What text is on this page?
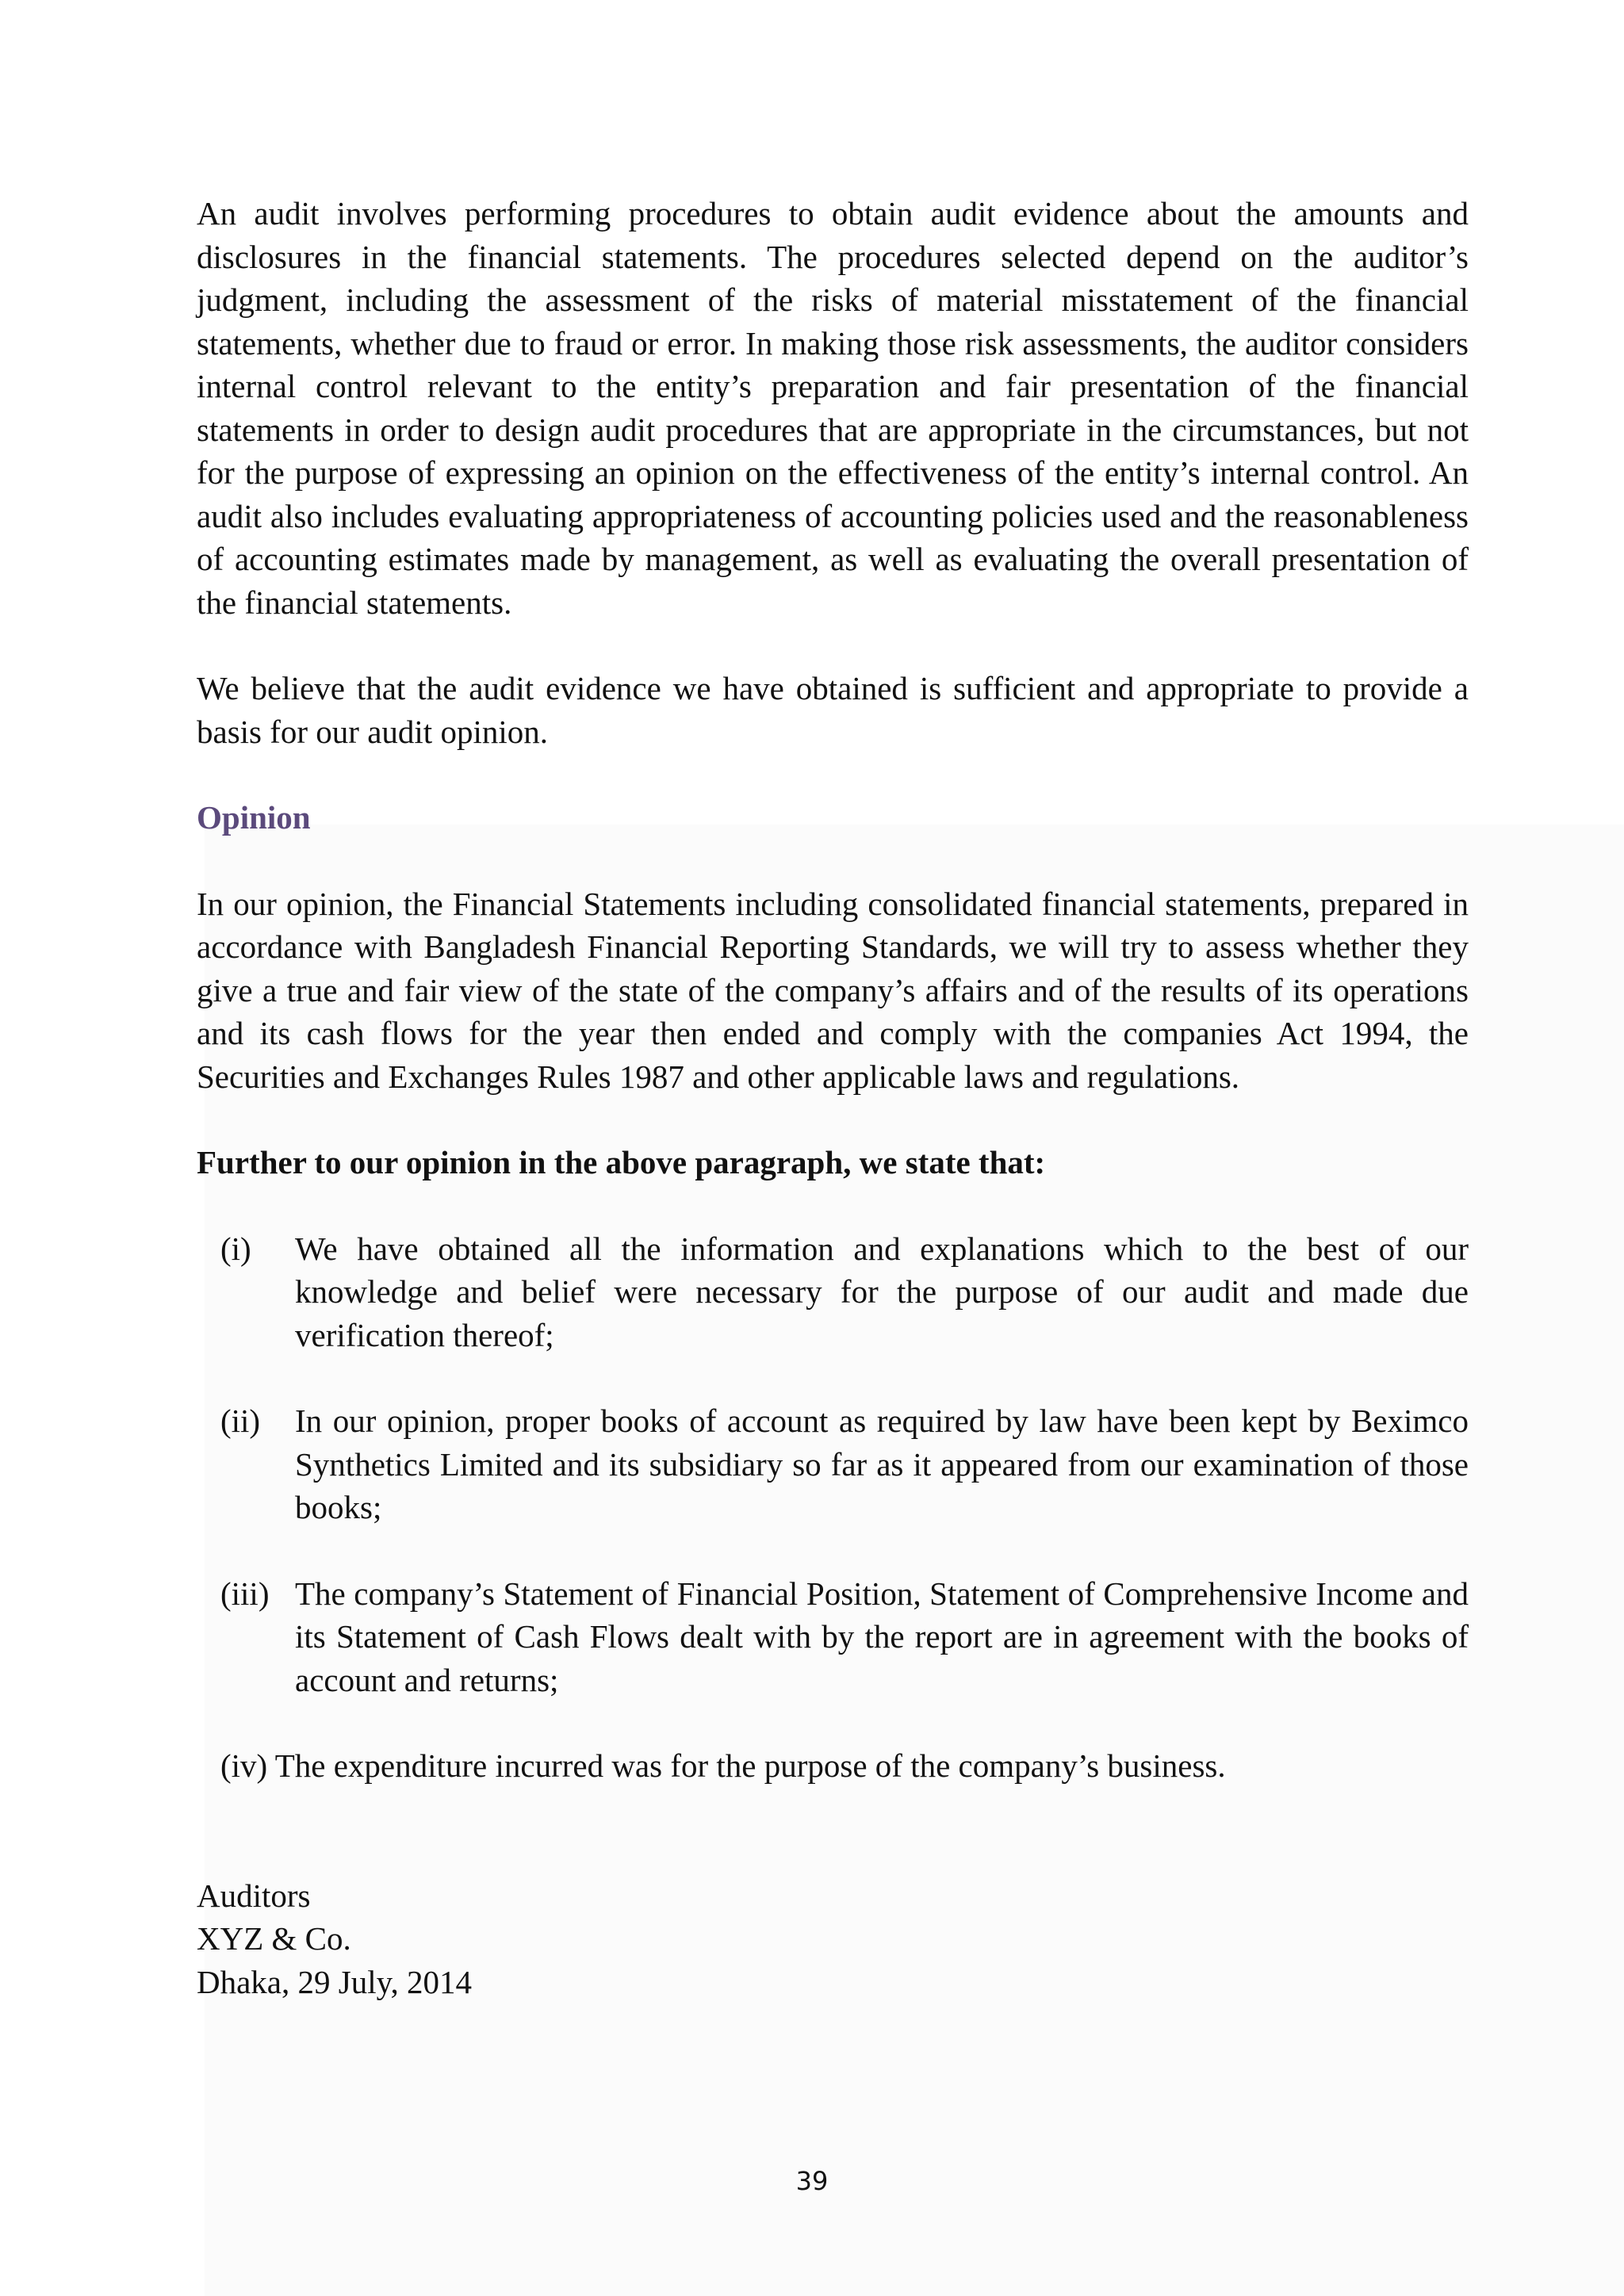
An audit involves performing procedures to obtain audit evidence about the amounts and disclosures in the financial statements. The procedures selected depend on the auditor’s judgment, including the assessment of the risks of material misstatement of the financial statements, whether due to fraud or error. In making those risk assessments, the auditor considers internal control relevant to the entity’s preparation and fair presentation of the financial statements in order to design audit procedures that are appropriate in the circumstances, but not for the purpose of expressing an opinion on the effectiveness of the entity’s internal control. An audit also includes evaluating appropriateness of accounting policies used and the reasonableness of accounting estimates made by management, as well as evaluating the overall presentation of the financial statements.

We believe that the audit evidence we have obtained is sufficient and appropriate to provide a basis for our audit opinion.

Opinion

In our opinion, the Financial Statements including consolidated financial statements, prepared in accordance with Bangladesh Financial Reporting Standards, we will try to assess whether they give a true and fair view of the state of the company’s affairs and of the results of its operations and its cash flows for the year then ended and comply with the companies Act 1994, the Securities and Exchanges Rules 1987 and other applicable laws and regulations.

Further to our opinion in the above paragraph, we state that:

(i) We have obtained all the information and explanations which to the best of our knowledge and belief were necessary for the purpose of our audit and made due verification thereof;
(ii) In our opinion, proper books of account as required by law have been kept by Beximco Synthetics Limited and its subsidiary so far as it appeared from our examination of those books;
(iii) The company’s Statement of Financial Position, Statement of Comprehensive Income and its Statement of Cash Flows dealt with by the report are in agreement with the books of account and returns;

(iv) The expenditure incurred was for the purpose of the company’s business.

Auditors

XYZ & Co.

Dhaka, 29 July, 2014

39
